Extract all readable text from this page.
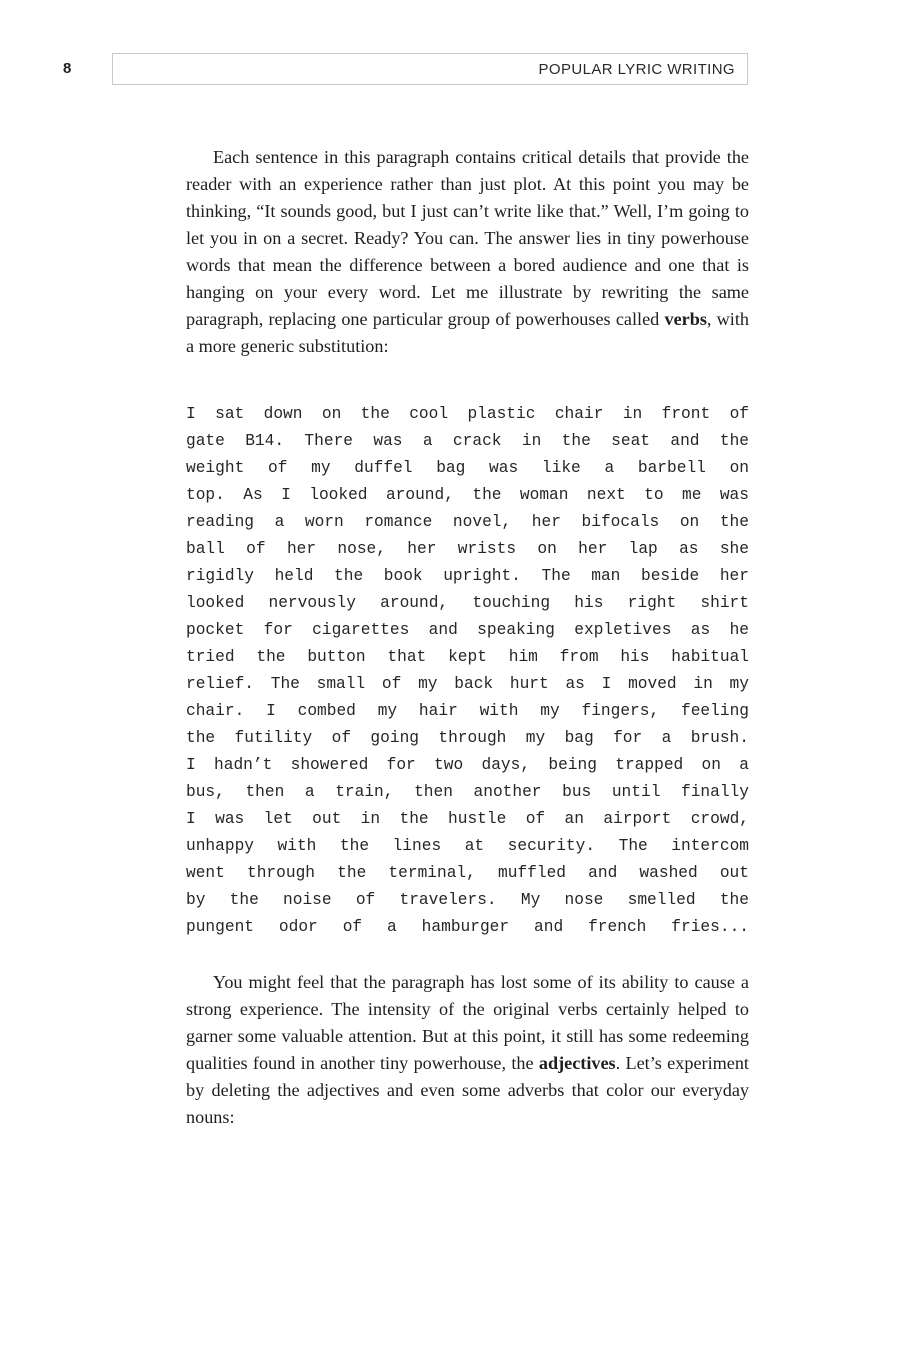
8	POPULAR LYRIC WRITING

Each sentence in this paragraph contains critical details that provide the reader with an experience rather than just plot. At this point you may be thinking, “It sounds good, but I just can’t write like that.” Well, I’m going to let you in on a secret. Ready? You can. The answer lies in tiny powerhouse words that mean the difference between a bored audience and one that is hanging on your every word. Let me illustrate by rewriting the same paragraph, replacing one particular group of powerhouses called verbs, with a more generic substitution:

I sat down on the cool plastic chair in front of
gate B14. There was a crack in the seat and the
weight of my duffel bag was like a barbell on
top. As I looked around, the woman next to me was
reading a worn romance novel, her bifocals on the
ball of her nose, her wrists on her lap as she
rigidly held the book upright. The man beside her
looked nervously around, touching his right shirt
pocket for cigarettes and speaking expletives as he
tried the button that kept him from his habitual
relief. The small of my back hurt as I moved in my
chair. I combed my hair with my fingers, feeling
the futility of going through my bag for a brush.
I hadn’t showered for two days, being trapped on a
bus, then a train, then another bus until finally
I was let out in the hustle of an airport crowd,
unhappy with the lines at security. The intercom
went through the terminal, muffled and washed out
by the noise of travelers. My nose smelled the
pungent odor of a hamburger and french fries...

You might feel that the paragraph has lost some of its ability to cause a strong experience. The intensity of the original verbs certainly helped to garner some valuable attention. But at this point, it still has some redeeming qualities found in another tiny powerhouse, the adjectives. Let’s experiment by deleting the adjectives and even some adverbs that color our everyday nouns:
